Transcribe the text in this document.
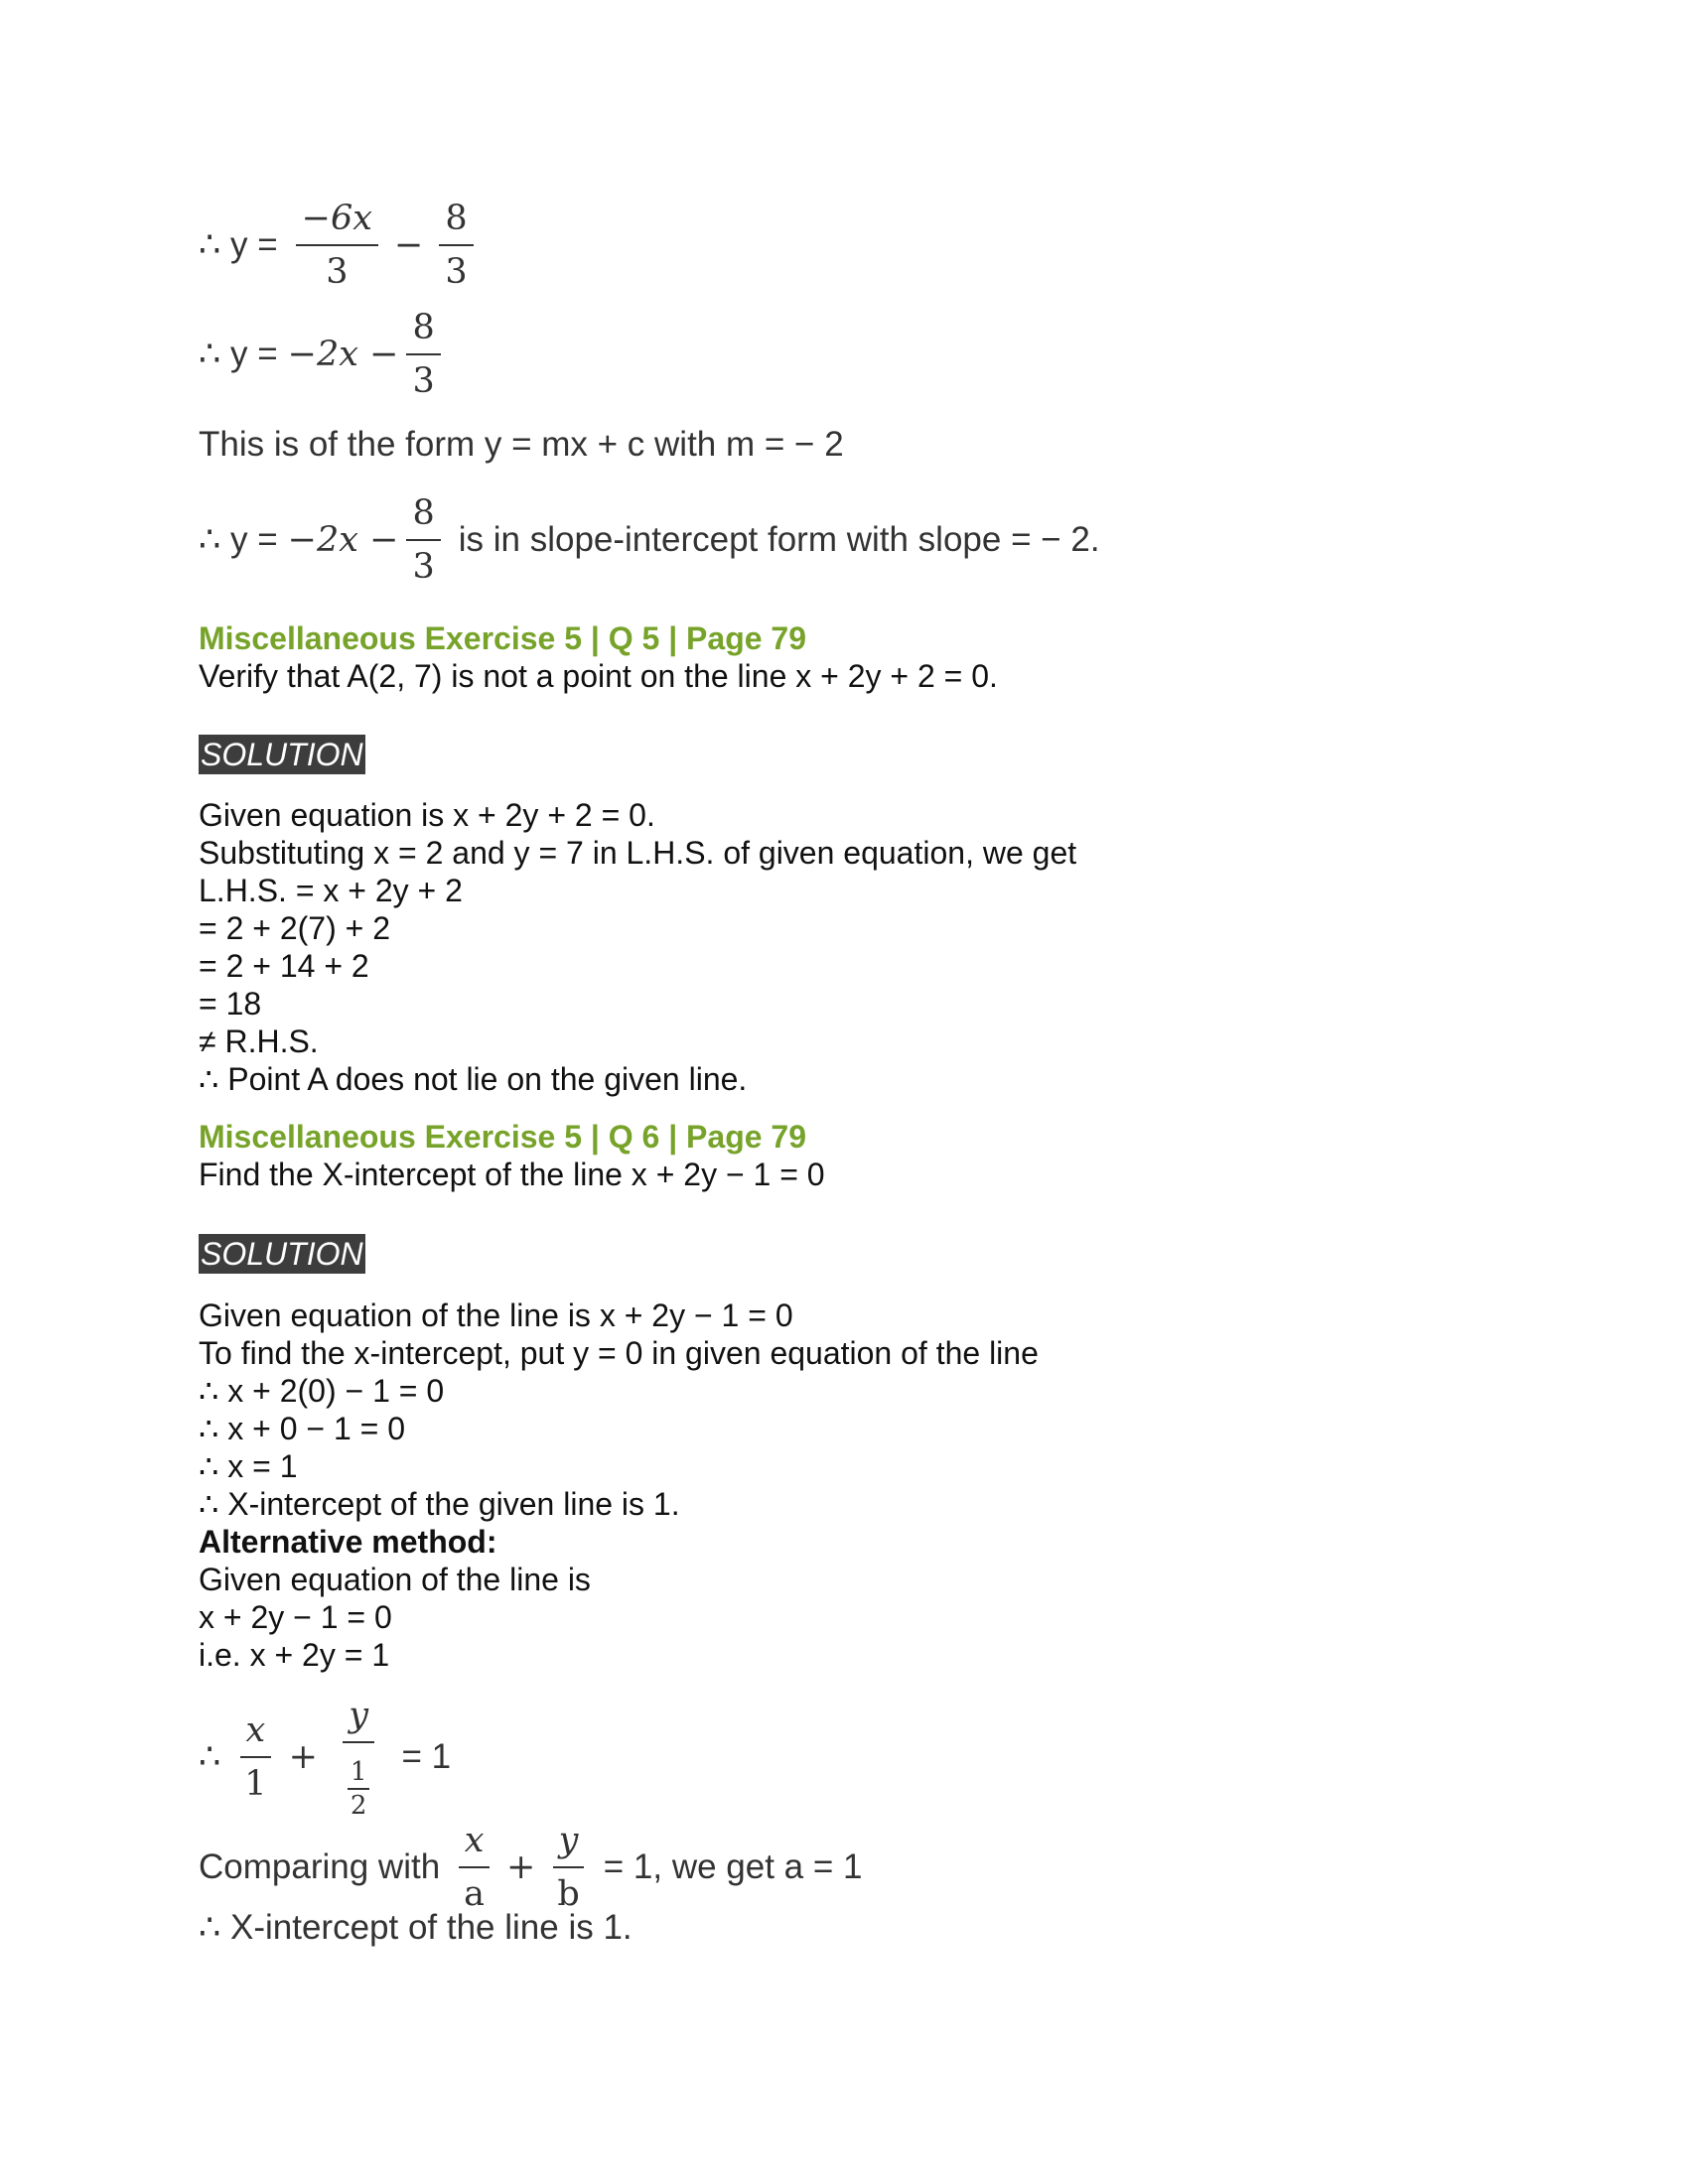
∴ $y = \frac{-6x}{3} - \frac{8}{3}$
∴ $y = -2x - \frac{8}{3}$
This is of the form y = mx + c with m = − 2
∴ $y = -2x - \frac{8}{3}$ is in slope-intercept form with slope = − 2.
Miscellaneous Exercise 5 | Q 5 | Page 79
Verify that A(2, 7) is not a point on the line x + 2y + 2 = 0.
SOLUTION
Given equation is x + 2y + 2 = 0.
Substituting x = 2 and y = 7 in L.H.S. of given equation, we get
L.H.S. = x + 2y + 2
= 2 + 2(7) + 2
= 2 + 14 + 2
= 18
≠ R.H.S.
∴ Point A does not lie on the given line.
Miscellaneous Exercise 5 | Q 6 | Page 79
Find the X-intercept of the line x + 2y − 1 = 0
SOLUTION
Given equation of the line is x + 2y − 1 = 0
To find the x-intercept, put y = 0 in given equation of the line
∴ x + 2(0) − 1 = 0
∴ x + 0 − 1 = 0
∴ x = 1
∴ X-intercept of the given line is 1.
Alternative method:
Given equation of the line is
x + 2y − 1 = 0
i.e. x + 2y = 1
∴ $\frac{x}{1} + \frac{y}{\frac{1}{2}} = 1$
Comparing with $\frac{x}{a} + \frac{y}{b} = 1$, we get a = 1
∴ X-intercept of the line is 1.
